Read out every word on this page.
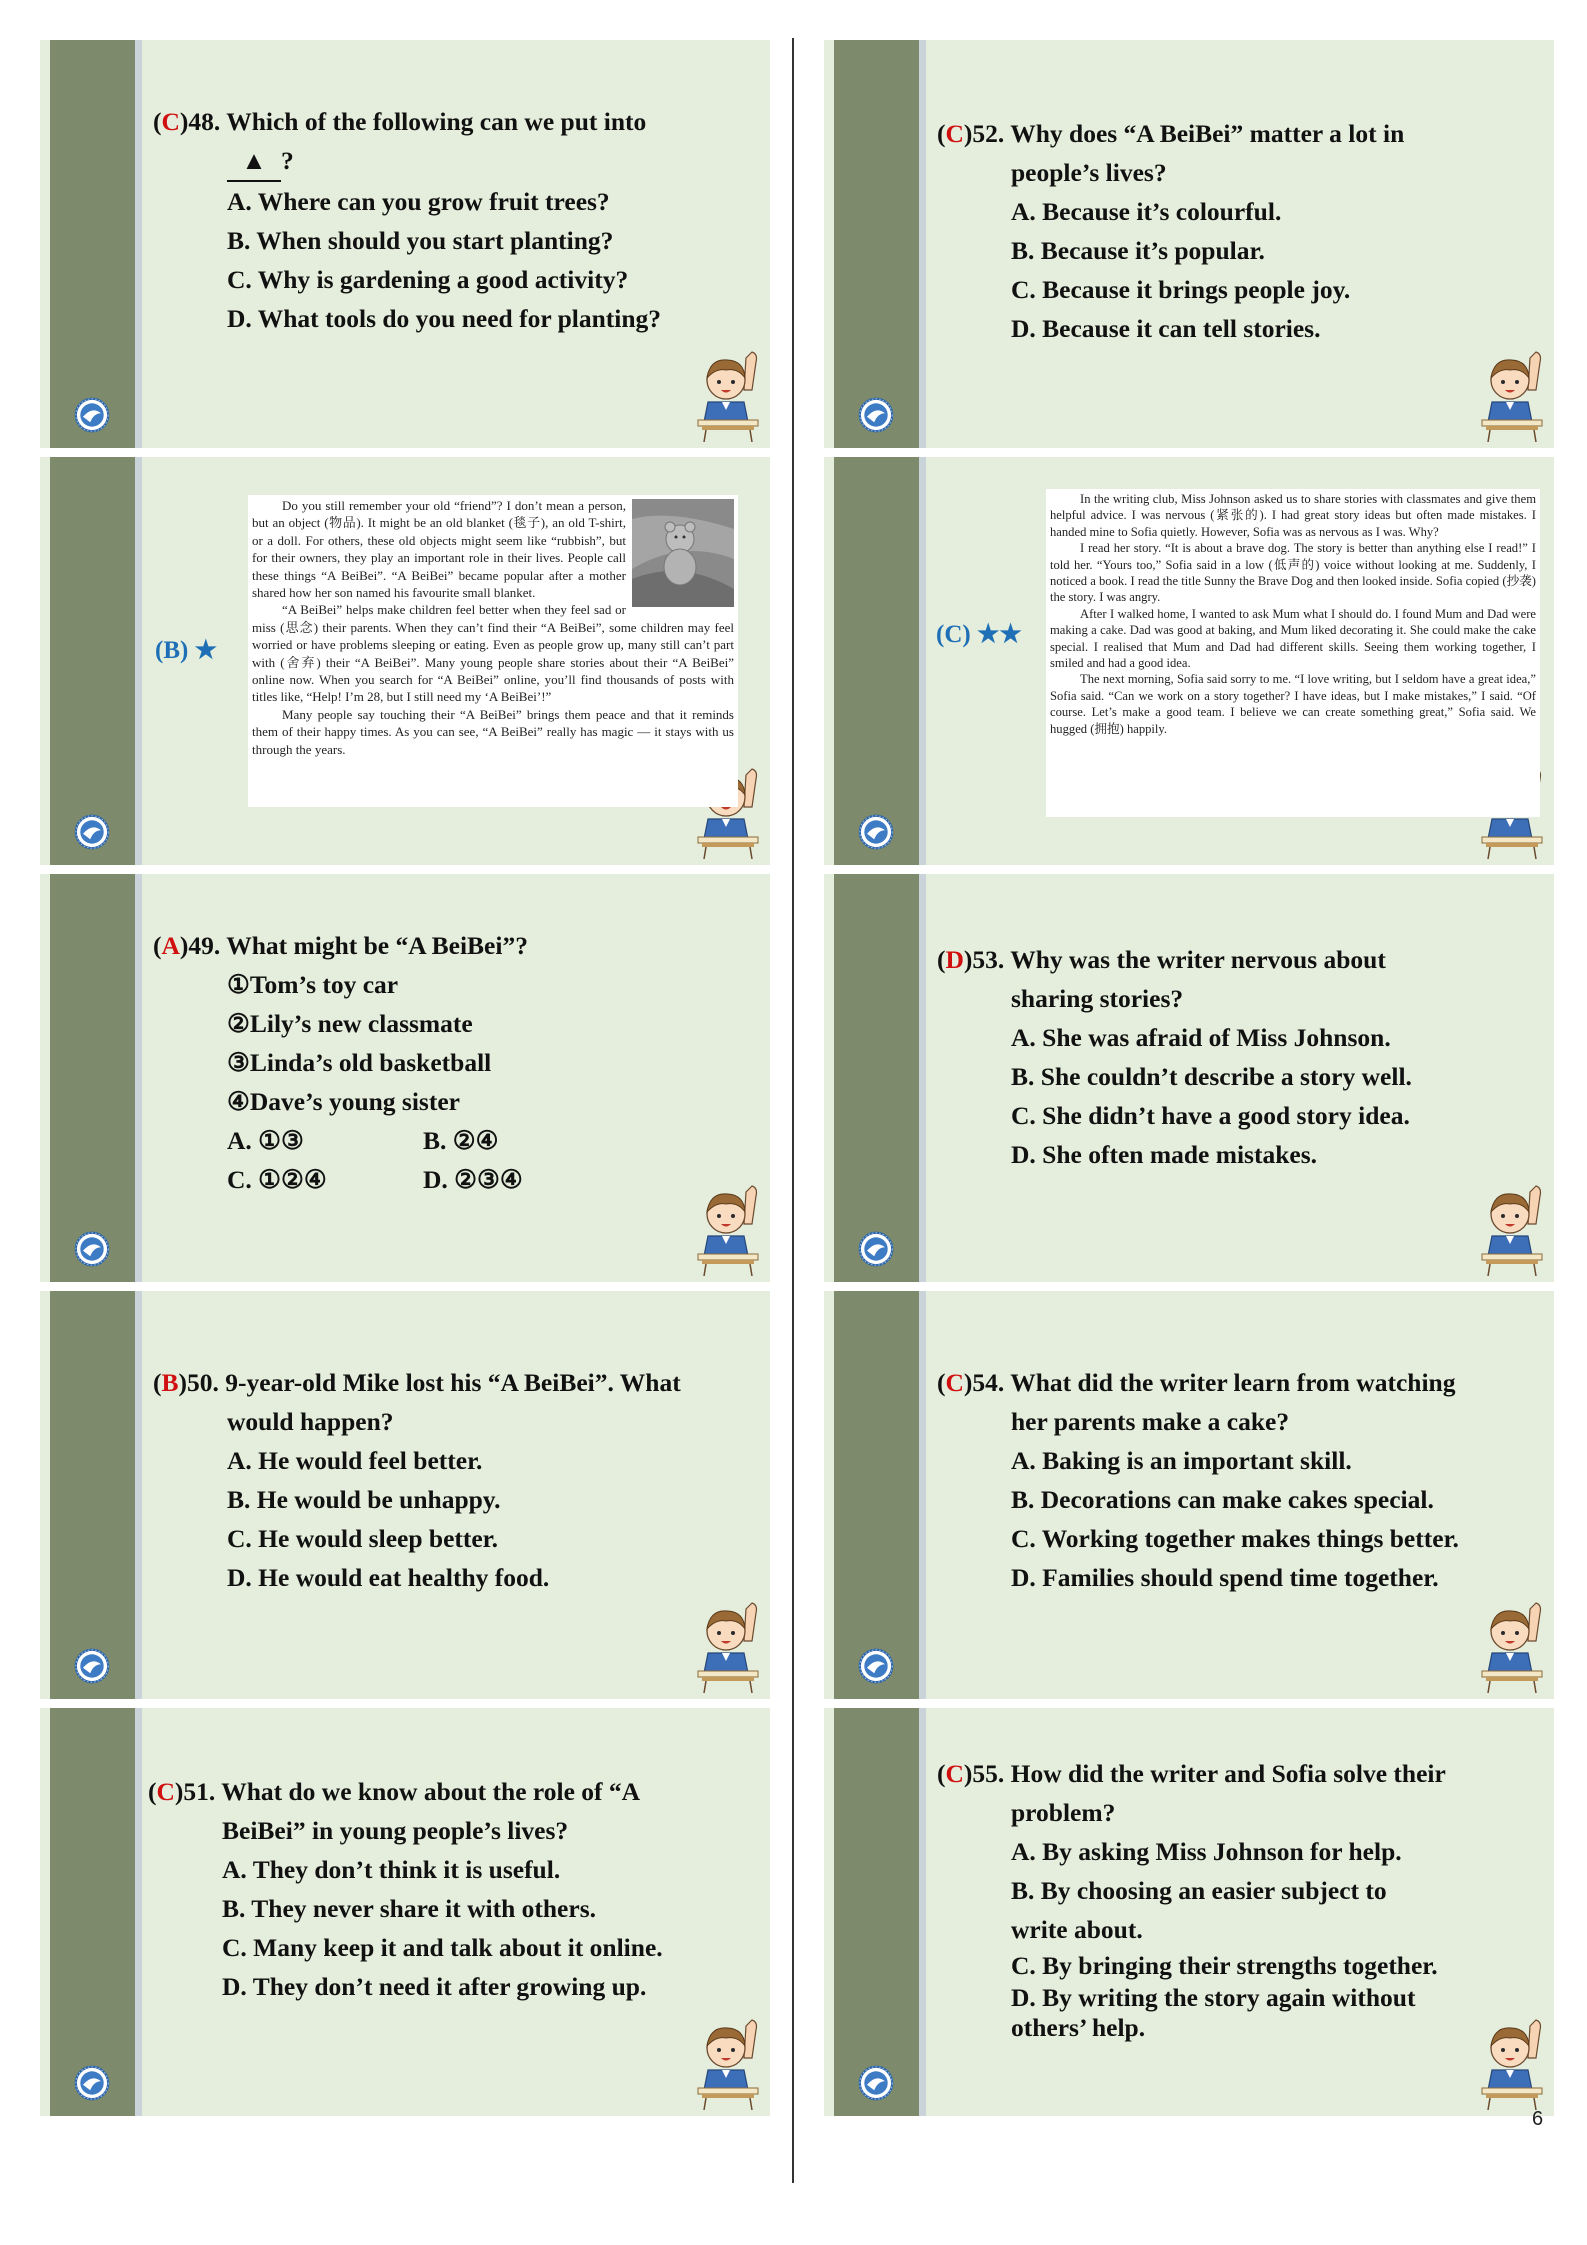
(C)48. Which of the following can we put into
▲ ?
A. Where can you grow fruit trees?
B. When should you start planting?
C. Why is gardening a good activity?
D. What tools do you need for planting?
(B) ★

Do you still remember your old “friend”? I don’t mean a person, but an object (物品). It might be an old blanket (毯子), an old T-shirt, or a doll. For others, these old objects might seem like “rubbish”, but for their owners, they play an important role in their lives. People call these things “A BeiBei”. “A BeiBei” became popular after a mother shared how her son named his favourite small blanket.

“A BeiBei” helps make children feel better when they feel sad or miss (思念) their parents. When they can’t find their “A BeiBei”, some children may feel worried or have problems sleeping or eating. Even as people grow up, many still can’t part with (舍弃) their “A BeiBei”. Many young people share stories about their “A BeiBei” online now. When you search for “A BeiBei” online, you’ll find thousands of posts with titles like, “Help! I’m 28, but I still need my ‘A BeiBei’!”

Many people say touching their “A BeiBei” brings them peace and that it reminds them of their happy times. As you can see, “A BeiBei” really has magic — it stays with us through the years.

(A)49. What might be “A BeiBei”?
①Tom’s toy car
②Lily’s new classmate
③Linda’s old basketball
④Dave’s young sister
A. ①③	B. ②④
C. ①②④	D. ②③④
(B)50. 9-year-old Mike lost his “A BeiBei”. What
would happen?
A. He would feel better.
B. He would be unhappy.
C. He would sleep better.
D. He would eat healthy food.
(C)51. What do we know about the role of “A
BeiBei” in young people’s lives?
A. They don’t think it is useful.
B. They never share it with others.
C. Many keep it and talk about it online.
D. They don’t need it after growing up.
(C)52. Why does “A BeiBei” matter a lot in
people’s lives?
A. Because it’s colourful.
B. Because it’s popular.
C. Because it brings people joy.
D. Because it can tell stories.
(C) ★★

In the writing club, Miss Johnson asked us to share stories with classmates and give them helpful advice. I was nervous (紧张的). I had great story ideas but often made mistakes. I handed mine to Sofia quietly. However, Sofia was as nervous as I was. Why?

I read her story. “It is about a brave dog. The story is better than anything else I read!” I told her. “Yours too,” Sofia said in a low (低声的) voice without looking at me. Suddenly, I noticed a book. I read the title Sunny the Brave Dog and then looked inside. Sofia copied (抄袭) the story. I was angry.

After I walked home, I wanted to ask Mum what I should do. I found Mum and Dad were making a cake. Dad was good at baking, and Mum liked decorating it. She could make the cake special. I realised that Mum and Dad had different skills. Seeing them working together, I smiled and had a good idea.

The next morning, Sofia said sorry to me. “I love writing, but I seldom have a great idea,” Sofia said. “Can we work on a story together? I have ideas, but I make mistakes,” I said. “Of course. Let’s make a good team. I believe we can create something great,” Sofia said. We hugged (拥抱) happily.

(D)53. Why was the writer nervous about
sharing stories?
A. She was afraid of Miss Johnson.
B. She couldn’t describe a story well.
C. She didn’t have a good story idea.
D. She often made mistakes.
(C)54. What did the writer learn from watching
her parents make a cake?
A. Baking is an important skill.
B. Decorations can make cakes special.
C. Working together makes things better.
D. Families should spend time together.
(C)55. How did the writer and Sofia solve their
problem?
A. By asking Miss Johnson for help.
B. By choosing an easier subject to
write about.
C. By bringing their strengths together.
D. By writing the story again without
others’ help.
6
